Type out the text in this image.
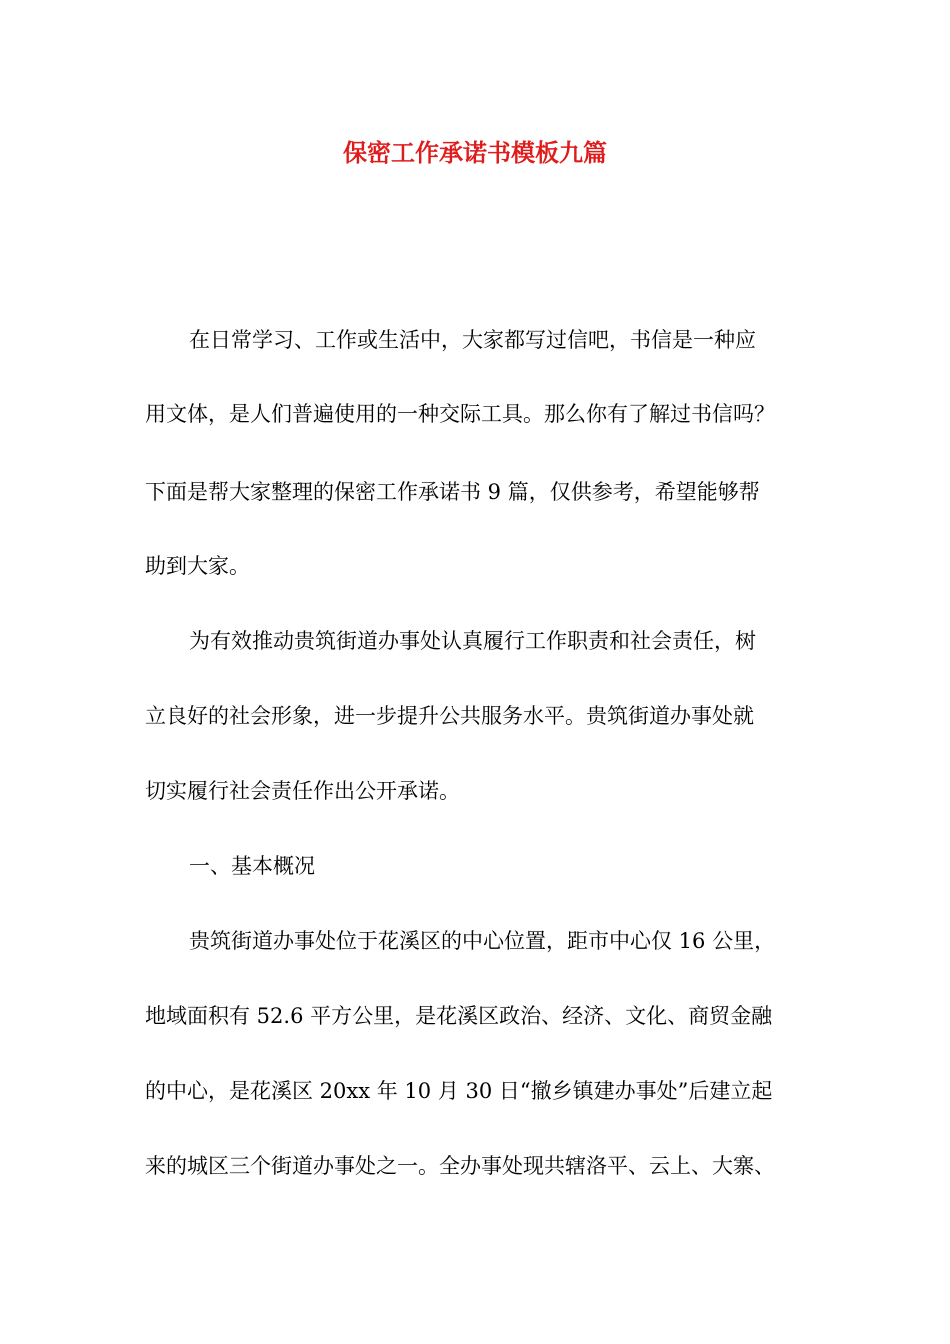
保密工作承诺书模板九篇
在日常学习、工作或生活中，大家都写过信吧，书信是一种应
用文体，是人们普遍使用的一种交际工具。那么你有了解过书信吗？
下面是帮大家整理的保密工作承诺书 9 篇，仅供参考，希望能够帮
助到大家。
为有效推动贵筑街道办事处认真履行工作职责和社会责任，树
立良好的社会形象，进一步提升公共服务水平。贵筑街道办事处就
切实履行社会责任作出公开承诺。
一、基本概况
贵筑街道办事处位于花溪区的中心位置，距市中心仅 16 公里，
地域面积有 52.6 平方公里，是花溪区政治、经济、文化、商贸金融
的中心，是花溪区 20xx 年 10 月 30 日“撤乡镇建办事处”后建立起
来的城区三个街道办事处之一。全办事处现共辖洛平、云上、大寨、
